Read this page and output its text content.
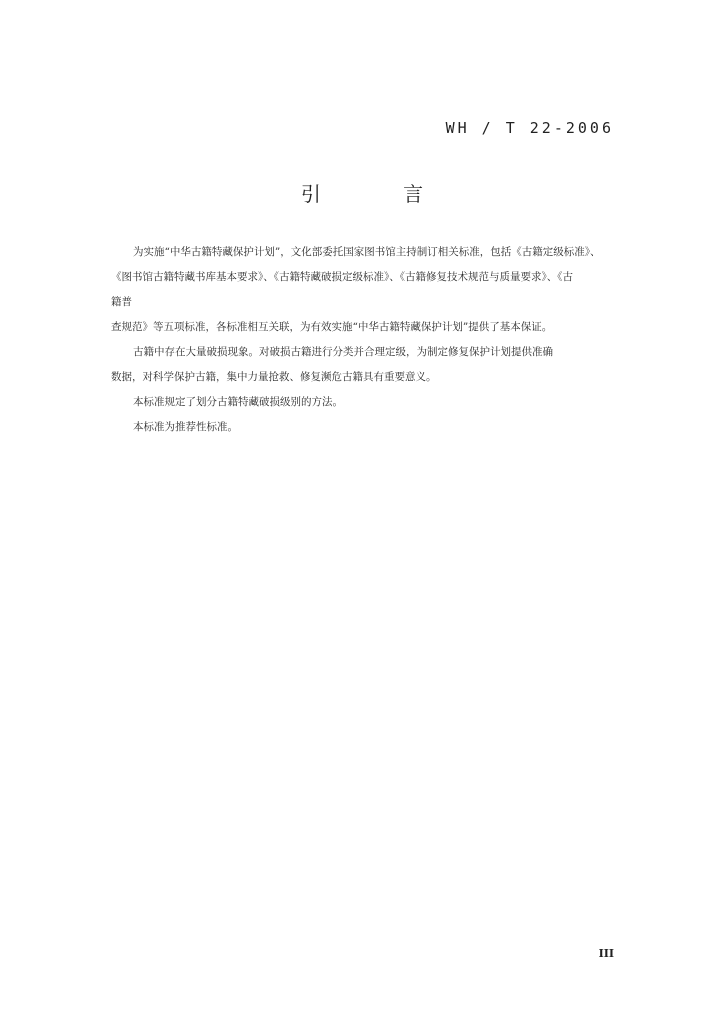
WH / T 22-2006
引 言
为实施“中华古籍特藏保护计划”，文化部委托国家图书馆主持制订相关标准，包括《古籍定级标准》、
《图书馆古籍特藏书库基本要求》、《古籍特藏破损定级标准》、《古籍修复技术规范与质量要求》、《古
籍普
查规范》等五项标准，各标准相互关联，为有效实施“中华古籍特藏保护计划”提供了基本保证。
古籍中存在大量破损现象。对破损古籍进行分类并合理定级，为制定修复保护计划提供准确
数据，对科学保护古籍，集中力量抢救、修复濒危古籍具有重要意义。
本标准规定了划分古籍特藏破损级别的方法。
本标准为推荐性标准。
III
